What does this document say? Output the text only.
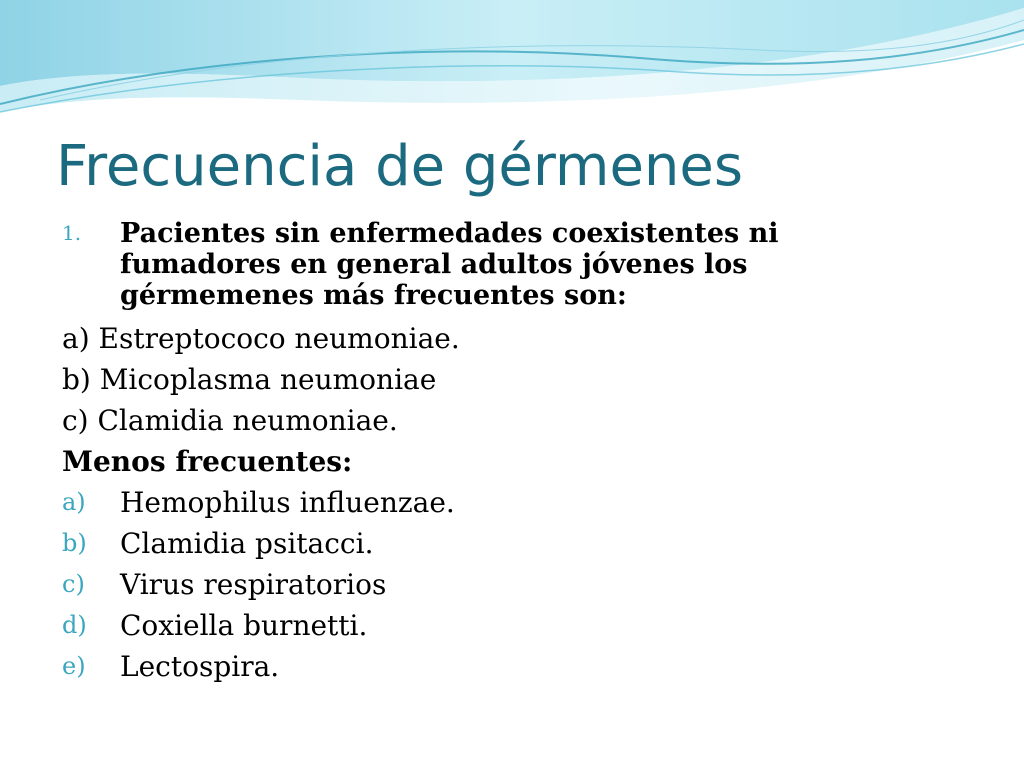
Frecuencia de gérmenes
1.	Pacientes sin enfermedades coexistentes ni fumadores en general adultos jóvenes los gérmemenes más frecuentes son:
a) Estreptococo neumoniae.
b) Micoplasma neumoniae
c) Clamidia neumoniae.
Menos frecuentes:
a)	Hemophilus influenzae.
b)	Clamidia psitacci.
c)	Virus respiratorios
d)	Coxiella burnetti.
e)	Lectospira.
